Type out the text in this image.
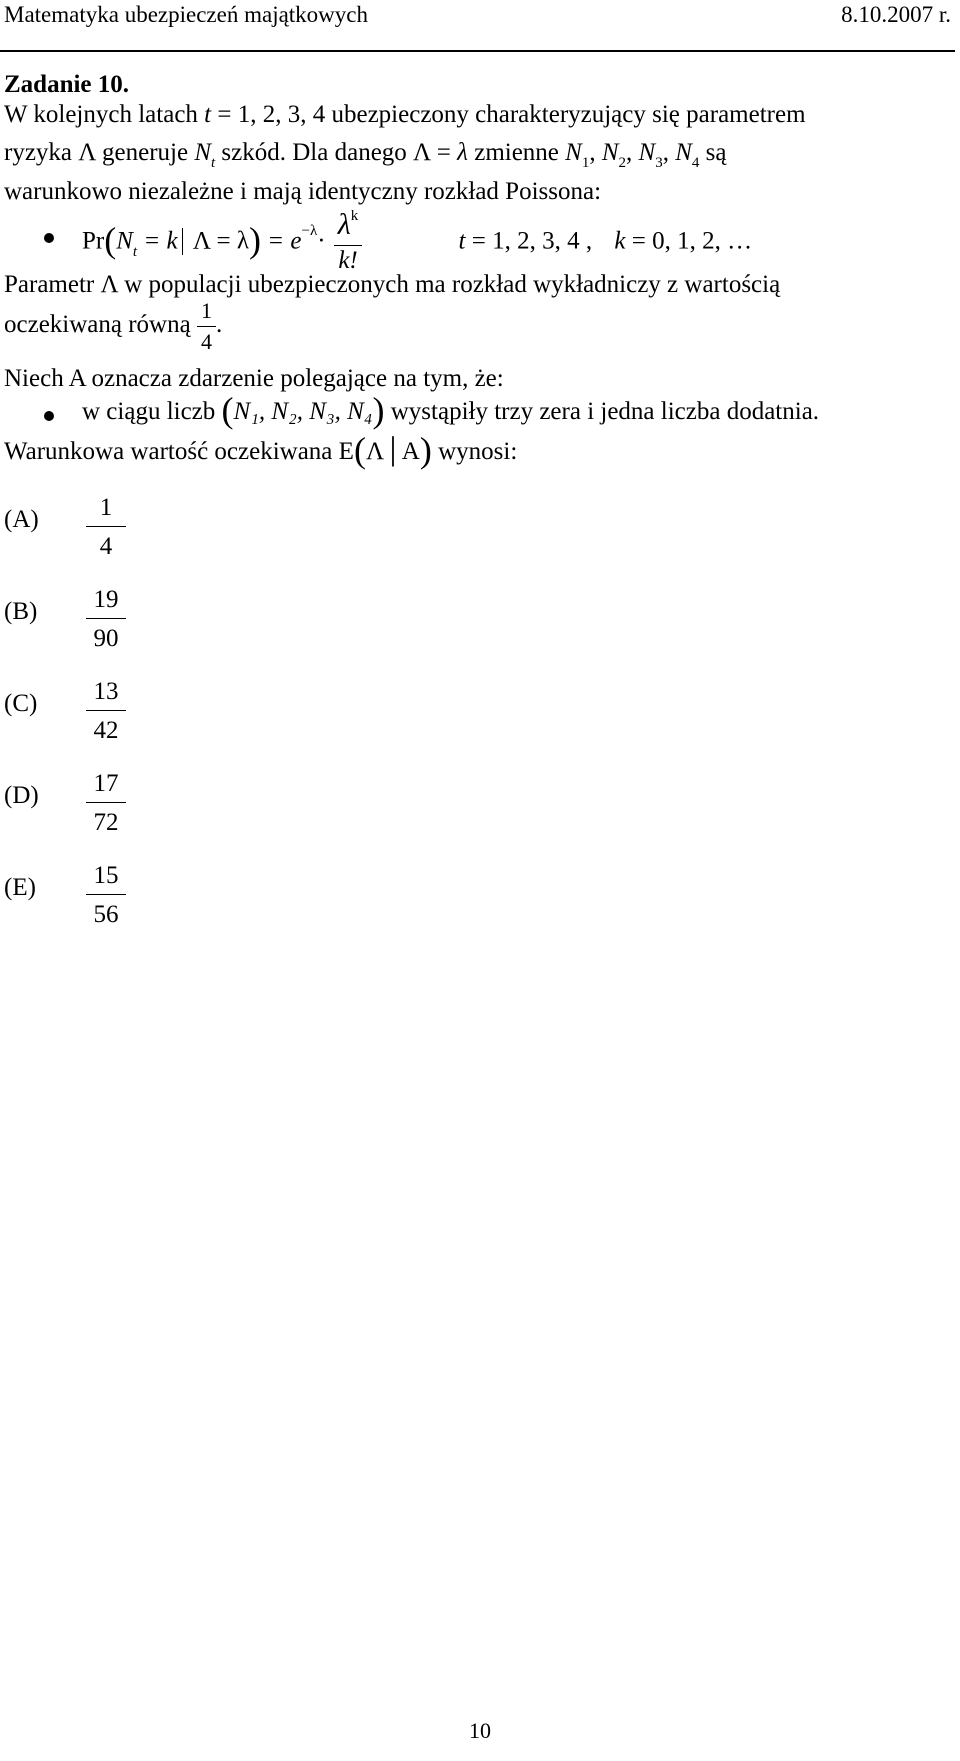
Matematyka ubezpieczeń majątkowych	8.10.2007 r.
Zadanie 10.
W kolejnych latach t = 1, 2, 3, 4 ubezpieczony charakteryzujący się parametrem
ryzyka Λ generuje $N_t$ szkód. Dla danego Λ = λ zmienne $N_1$, $N_2$, $N_3$, $N_4$ są
warunkowo niezależne i mają identyczny rozkład Poissona:
$Pr(N_t = k$ $\Lambda = \lambda) = e^{-\lambda}\cdot \frac{\lambda^k}{k!}$	t = 1, 2, 3, 4 , k = 0, 1, 2, …
Parametr Λ w populacji ubezpieczonych ma rozkład wykładniczy z wartością
oczekiwaną równą $\frac{1}{4}$ .
Niech A oznacza zdarzenie polegające na tym, że:
w ciągu liczb (N₁, N₂, N₃, N₄) wystąpiły trzy zera i jedna liczba dodatnia.
Warunkowa wartość oczekiwana E(Λ│A) wynosi:
(A)	1
4
(B)	19
90
(C)	13
42
(D)	17
72
(E)	15
56
10
